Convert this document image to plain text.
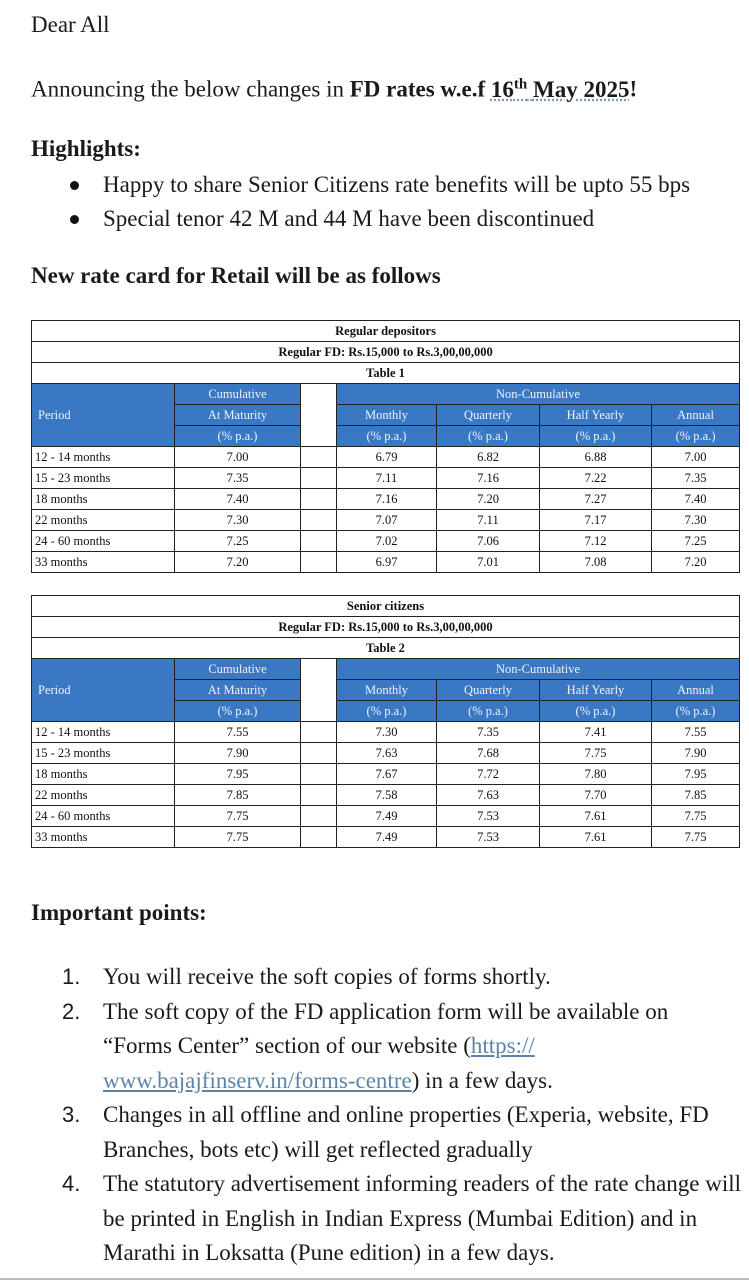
Dear All
Announcing the below changes in FD rates w.e.f 16th May 2025!
Highlights:
Happy to share Senior Citizens rate benefits will be upto 55 bps
Special tenor 42 M and 44 M have been discontinued
New rate card for Retail will be as follows
Regular depositors						
Regular FD: Rs.15,000 to Rs.3,00,00,000						
Table 1						
Period	Cumulative		Non-Cumulative			
	At Maturity		Monthly	Quarterly	Half Yearly	Annual
	(% p.a.)		(% p.a.)	(% p.a.)	(% p.a.)	(% p.a.)
12 - 14 months	7.00		6.79	6.82	6.88	7.00
15 - 23 months	7.35		7.11	7.16	7.22	7.35
18 months	7.40		7.16	7.20	7.27	7.40
22 months	7.30		7.07	7.11	7.17	7.30
24 - 60 months	7.25		7.02	7.06	7.12	7.25
33 months	7.20		6.97	7.01	7.08	7.20
Senior citizens						
Regular FD: Rs.15,000 to Rs.3,00,00,000						
Table 2						
Period	Cumulative		Non-Cumulative			
	At Maturity		Monthly	Quarterly	Half Yearly	Annual
	(% p.a.)		(% p.a.)	(% p.a.)	(% p.a.)	(% p.a.)
12 - 14 months	7.55		7.30	7.35	7.41	7.55
15 - 23 months	7.90		7.63	7.68	7.75	7.90
18 months	7.95		7.67	7.72	7.80	7.95
22 months	7.85		7.58	7.63	7.70	7.85
24 - 60 months	7.75		7.49	7.53	7.61	7.75
33 months	7.75		7.49	7.53	7.61	7.75
Important points:
1. You will receive the soft copies of forms shortly.
2. The soft copy of the FD application form will be available on “Forms Center” section of our website (https:// www.bajajfinserv.in/forms-centre) in a few days.
3. Changes in all offline and online properties (Experia, website, FD Branches, bots etc) will get reflected gradually
4. The statutory advertisement informing readers of the rate change will be printed in English in Indian Express (Mumbai Edition) and in Marathi in Loksatta (Pune edition) in a few days.
